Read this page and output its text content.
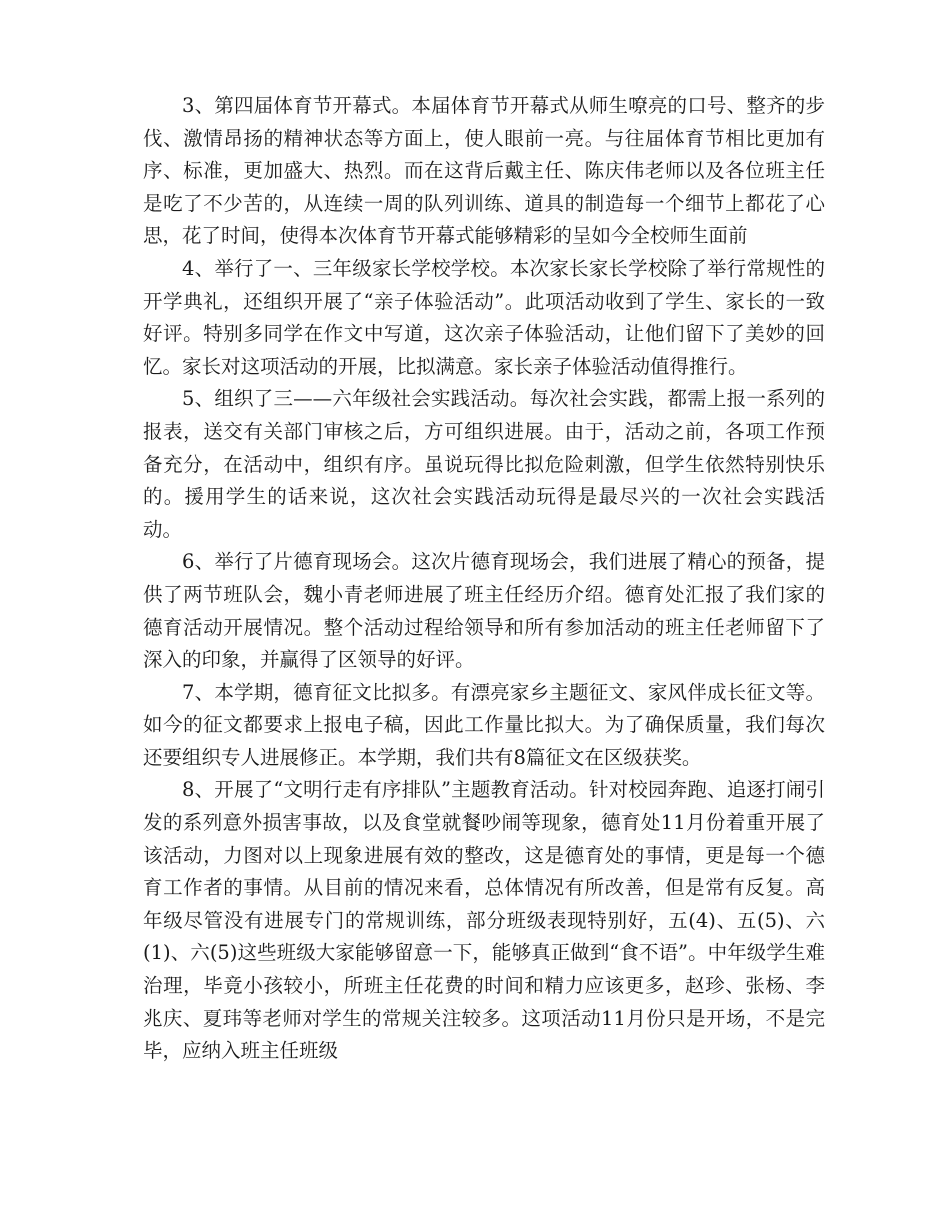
3、第四届体育节开幕式。本届体育节开幕式从师生嘹亮的口号、整齐的步伐、激情昂扬的精神状态等方面上，使人眼前一亮。与往届体育节相比更加有序、标准，更加盛大、热烈。而在这背后戴主任、陈庆伟老师以及各位班主任是吃了不少苦的，从连续一周的队列训练、道具的制造每一个细节上都花了心思，花了时间，使得本次体育节开幕式能够精彩的呈如今全校师生面前

4、举行了一、三年级家长学校学校。本次家长家长学校除了举行常规性的开学典礼，还组织开展了“亲子体验活动”。此项活动收到了学生、家长的一致好评。特别多同学在作文中写道，这次亲子体验活动，让他们留下了美妙的回忆。家长对这项活动的开展，比拟满意。家长亲子体验活动值得推行。

5、组织了三——六年级社会实践活动。每次社会实践，都需上报一系列的报表，送交有关部门审核之后，方可组织进展。由于，活动之前，各项工作预备充分，在活动中，组织有序。虽说玩得比拟危险刺激，但学生依然特别快乐的。援用学生的话来说，这次社会实践活动玩得是最尽兴的一次社会实践活动。

6、举行了片德育现场会。这次片德育现场会，我们进展了精心的预备，提供了两节班队会，魏小青老师进展了班主任经历介绍。德育处汇报了我们家的德育活动开展情况。整个活动过程给领导和所有参加活动的班主任老师留下了深入的印象，并赢得了区领导的好评。

7、本学期，德育征文比拟多。有漂亮家乡主题征文、家风伴成长征文等。如今的征文都要求上报电子稿，因此工作量比拟大。为了确保质量，我们每次还要组织专人进展修正。本学期，我们共有8篇征文在区级获奖。

8、开展了“文明行走有序排队”主题教育活动。针对校园奔跑、追逐打闹引发的系列意外损害事故，以及食堂就餐吵闹等现象，德育处11月份着重开展了该活动，力图对以上现象进展有效的整改，这是德育处的事情，更是每一个德育工作者的事情。从目前的情况来看，总体情况有所改善，但是常有反复。高年级尽管没有进展专门的常规训练，部分班级表现特别好，五(4)、五(5)、六(1)、六(5)这些班级大家能够留意一下，能够真正做到“食不语”。中年级学生难治理，毕竟小孩较小，所班主任花费的时间和精力应该更多，赵珍、张杨、李兆庆、夏玮等老师对学生的常规关注较多。这项活动11月份只是开场，不是完毕，应纳入班主任班级
